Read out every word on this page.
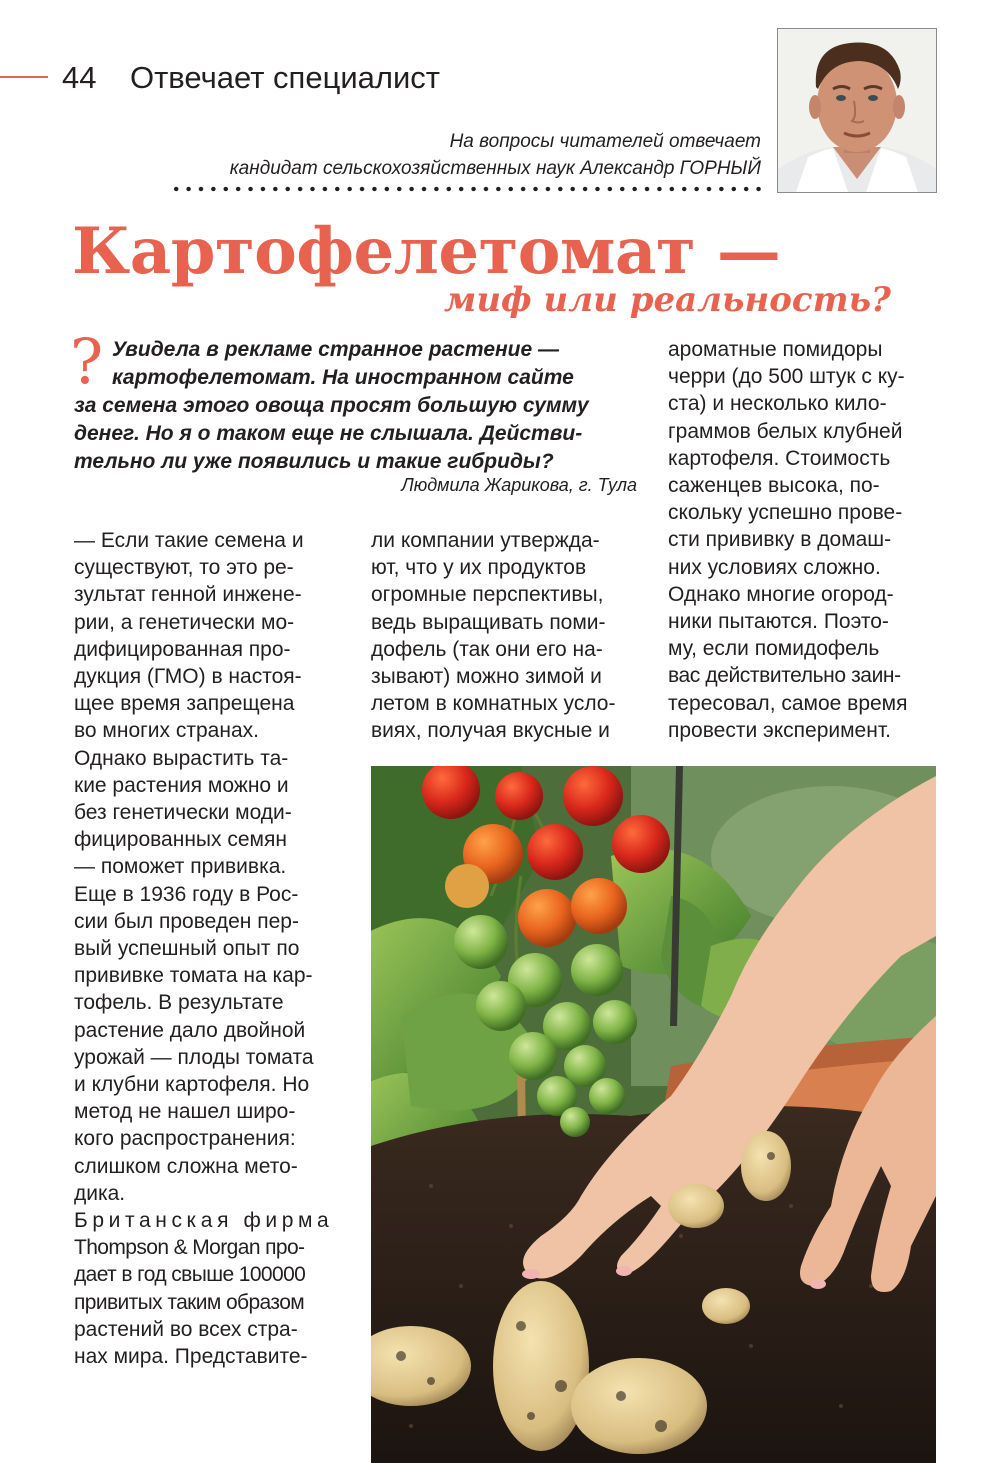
44 Отвечает специалист
На вопросы читателей отвечает
кандидат сельскохозяйственных наук Александр ГОРНЫЙ
Картофелетомат —
миф или реальность?
? Увидела в рекламе странное растение —
картофелетомат. На иностранном сайте
за семена этого овоща просят большую сумму
денег. Но я о таком еще не слышала. Действи-
тельно ли уже появились и такие гибриды?

Людмила Жарикова, г. Тула
— Если такие семена и
существуют, то это ре-
зультат генной инжене-
рии, а генетически мо-
дифицированная про-
дукция (ГМО) в настоя-
щее время запрещена
во многих странах.
Однако вырастить та-
кие растения можно и
без генетически моди-
фицированных семян
— поможет прививка.
Еще в 1936 году в Рос-
сии был проведен пер-
вый успешный опыт по
прививке томата на кар-
тофель. В результате
растение дало двойной
урожай — плоды томата
и клубни картофеля. Но
метод не нашел широ-
кого распространения:
слишком сложна мето-
дика.
Британская фирма
Thompson & Morgan про-
дает в год свыше 100000
привитых таким образом
растений во всех стра-
нах мира. Представите-
ли компании утвержда-
ют, что у их продуктов
огромные перспективы,
ведь выращивать поми-
дофель (так они его на-
зывают) можно зимой и
летом в комнатных усло-
виях, получая вкусные и
ароматные помидоры
черри (до 500 штук с ку-
ста) и несколько кило-
граммов белых клубней
картофеля. Стоимость
саженцев высока, по-
скольку успешно прове-
сти прививку в домаш-
них условиях сложно.
Однако многие огород-
ники пытаются. Поэто-
му, если помидофель
вас действительно заин-
тересовал, самое время
провести эксперимент.
